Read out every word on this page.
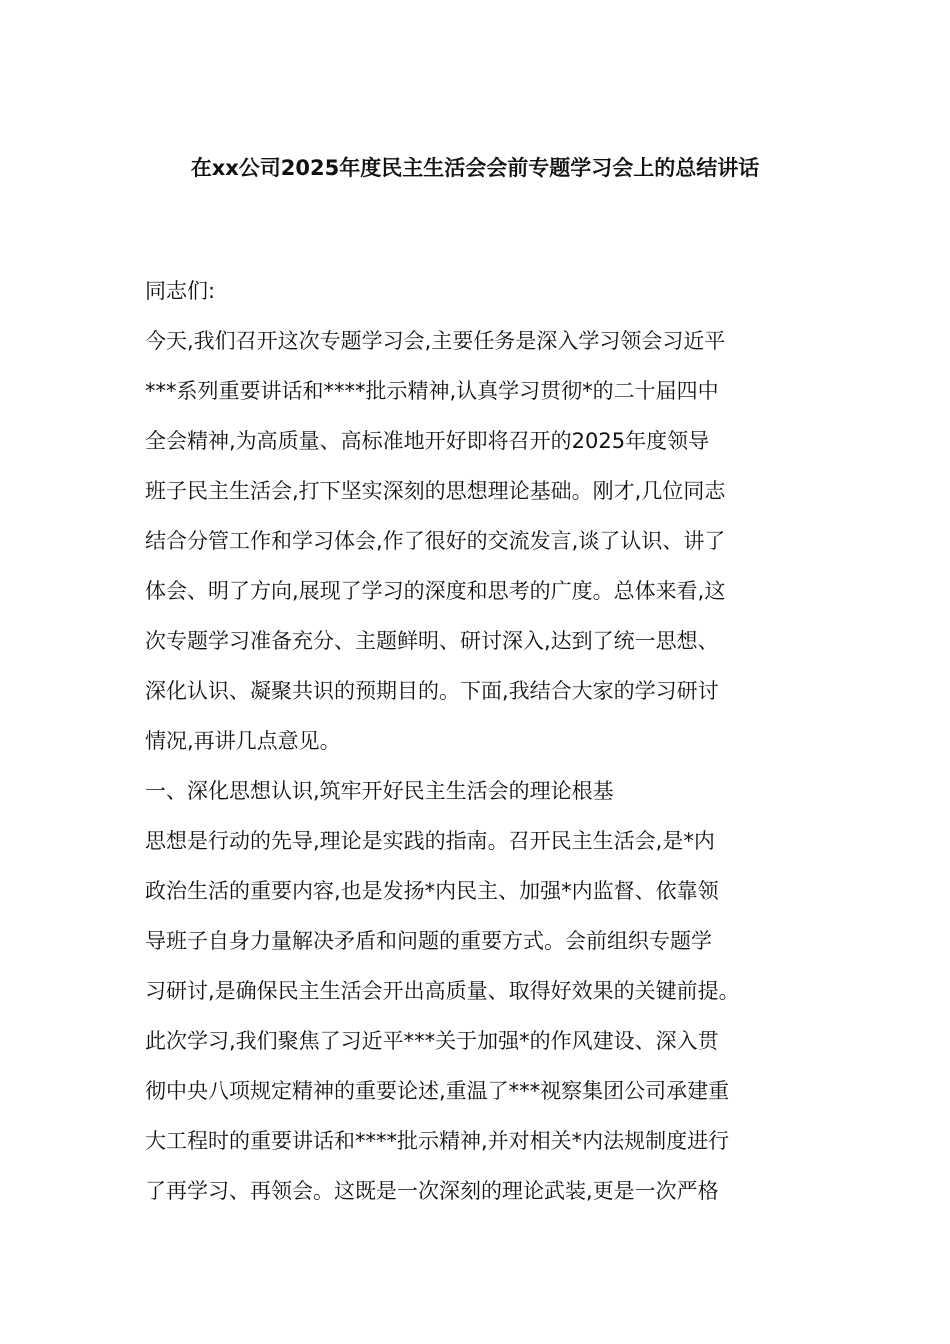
在xx公司2025年度民主生活会会前专题学习会上的总结讲话

同志们:

今天,我们召开这次专题学习会,主要任务是深入学习领会习近平

***系列重要讲话和****批示精神,认真学习贯彻*的二十届四中

全会精神,为高质量、高标准地开好即将召开的2025年度领导

班子民主生活会,打下坚实深刻的思想理论基础。刚才,几位同志

结合分管工作和学习体会,作了很好的交流发言,谈了认识、讲了

体会、明了方向,展现了学习的深度和思考的广度。总体来看,这

次专题学习准备充分、主题鲜明、研讨深入,达到了统一思想、

深化认识、凝聚共识的预期目的。下面,我结合大家的学习研讨

情况,再讲几点意见。

一、深化思想认识,筑牢开好民主生活会的理论根基

思想是行动的先导,理论是实践的指南。召开民主生活会,是*内

政治生活的重要内容,也是发扬*内民主、加强*内监督、依靠领

导班子自身力量解决矛盾和问题的重要方式。会前组织专题学

习研讨,是确保民主生活会开出高质量、取得好效果的关键前提。

此次学习,我们聚焦了习近平***关于加强*的作风建设、深入贯

彻中央八项规定精神的重要论述,重温了***视察集团公司承建重

大工程时的重要讲话和****批示精神,并对相关*内法规制度进行

了再学习、再领会。这既是一次深刻的理论武装,更是一次严格
